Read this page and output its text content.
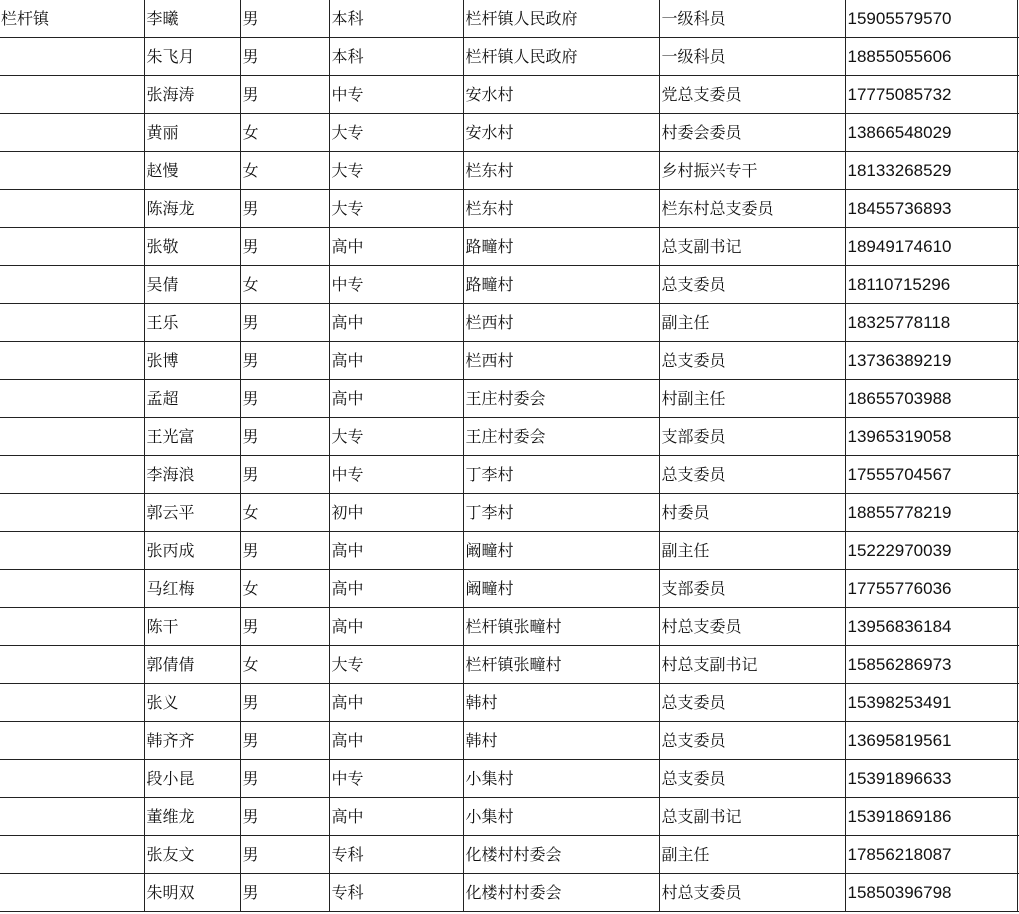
栏杆镇	李曦	男	本科	栏杆镇人民政府	一级科员	15905579570	
	朱飞月	男	本科	栏杆镇人民政府	一级科员	18855055606	
	张海涛	男	中专	安水村	党总支委员	17775085732	
	黄丽	女	大专	安水村	村委会委员	13866548029	
	赵慢	女	大专	栏东村	乡村振兴专干	18133268529	
	陈海龙	男	大专	栏东村	栏东村总支委员	18455736893	
	张敬	男	高中	路疃村	总支副书记	18949174610	
	吴倩	女	中专	路疃村	总支委员	18110715296	
	王乐	男	高中	栏西村	副主任	18325778118	
	张博	男	高中	栏西村	总支委员	13736389219	
	孟超	男	高中	王庄村委会	村副主任	18655703988	
	王光富	男	大专	王庄村委会	支部委员	13965319058	
	李海浪	男	中专	丁李村	总支委员	17555704567	
	郭云平	女	初中	丁李村	村委员	18855778219	
	张丙成	男	高中	阚疃村	副主任	15222970039	
	马红梅	女	高中	阚疃村	支部委员	17755776036	
	陈干	男	高中	栏杆镇张疃村	村总支委员	13956836184	
	郭倩倩	女	大专	栏杆镇张疃村	村总支副书记	15856286973	
	张义	男	高中	韩村	总支委员	15398253491	
	韩齐齐	男	高中	韩村	总支委员	13695819561	
	段小昆	男	中专	小集村	总支委员	15391896633	
	董维龙	男	高中	小集村	总支副书记	15391869186	
	张友文	男	专科	化楼村村委会	副主任	17856218087	
	朱明双	男	专科	化楼村村委会	村总支委员	15850396798	
